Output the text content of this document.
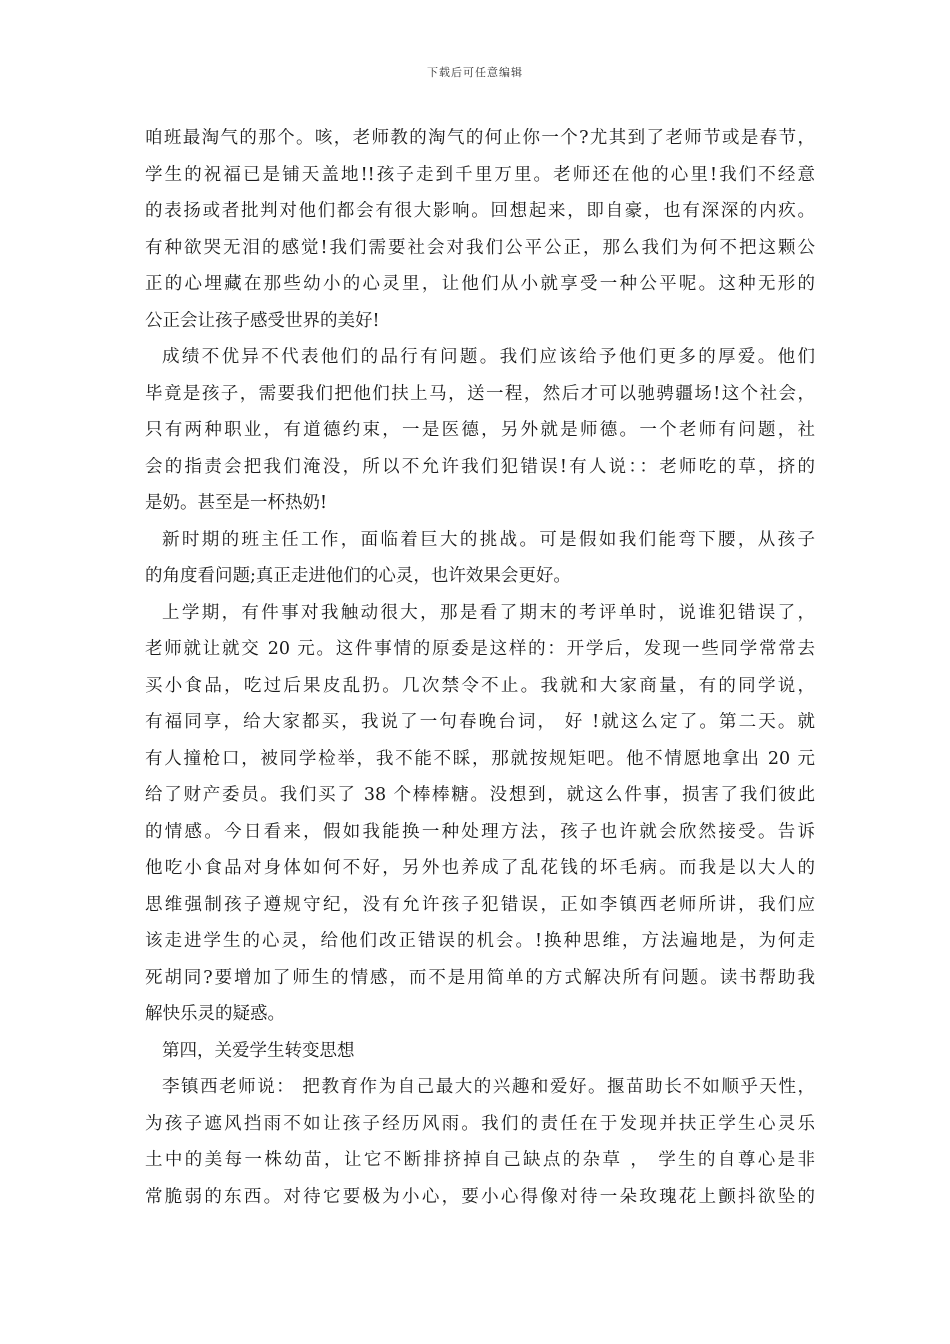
下载后可任意编辑
咱班最淘气的那个。咳，老师教的淘气的何止你一个?尤其到了老师节或是春节，
学生的祝福已是铺天盖地!!孩子走到千里万里。老师还在他的心里!我们不经意
的表扬或者批判对他们都会有很大影响。回想起来，即自豪，也有深深的内疚。
有种欲哭无泪的感觉!我们需要社会对我们公平公正，那么我们为何不把这颗公
正的心埋藏在那些幼小的心灵里，让他们从小就享受一种公平呢。这种无形的
公正会让孩子感受世界的美好!
成绩不优异不代表他们的品行有问题。我们应该给予他们更多的厚爱。他们
毕竟是孩子，需要我们把他们扶上马，送一程，然后才可以驰骋疆场!这个社会，
只有两种职业，有道德约束，一是医德，另外就是师德。一个老师有问题，社
会的指责会把我们淹没，所以不允许我们犯错误!有人说：：老师吃的草，挤的
是奶。甚至是一杯热奶!
新时期的班主任工作，面临着巨大的挑战。可是假如我们能弯下腰，从孩子
的角度看问题;真正走进他们的心灵，也许效果会更好。
上学期，有件事对我触动很大，那是看了期末的考评单时，说谁犯错误了，
老师就让就交 20 元。这件事情的原委是这样的：开学后，发现一些同学常常去
买小食品，吃过后果皮乱扔。几次禁令不止。我就和大家商量，有的同学说，
有福同享，给大家都买，我说了一句春晚台词， 好 !就这么定了。第二天。就
有人撞枪口，被同学检举，我不能不睬，那就按规矩吧。他不情愿地拿出 20 元
给了财产委员。我们买了 38 个棒棒糖。没想到，就这么件事，损害了我们彼此
的情感。今日看来，假如我能换一种处理方法，孩子也许就会欣然接受。告诉
他吃小食品对身体如何不好，另外也养成了乱花钱的坏毛病。而我是以大人的
思维强制孩子遵规守纪，没有允许孩子犯错误，正如李镇西老师所讲，我们应
该走进学生的心灵，给他们改正错误的机会。!换种思维，方法遍地是，为何走
死胡同?要增加了师生的情感，而不是用简单的方式解决所有问题。读书帮助我
解快乐灵的疑惑。
第四，关爱学生转变思想
李镇西老师说： 把教育作为自己最大的兴趣和爱好。揠苗助长不如顺乎天性，
为孩子遮风挡雨不如让孩子经历风雨。我们的责任在于发现并扶正学生心灵乐
土中的美每一株幼苗，让它不断排挤掉自己缺点的杂草 ， 学生的自尊心是非
常脆弱的东西。对待它要极为小心，要小心得像对待一朵玫瑰花上颤抖欲坠的
